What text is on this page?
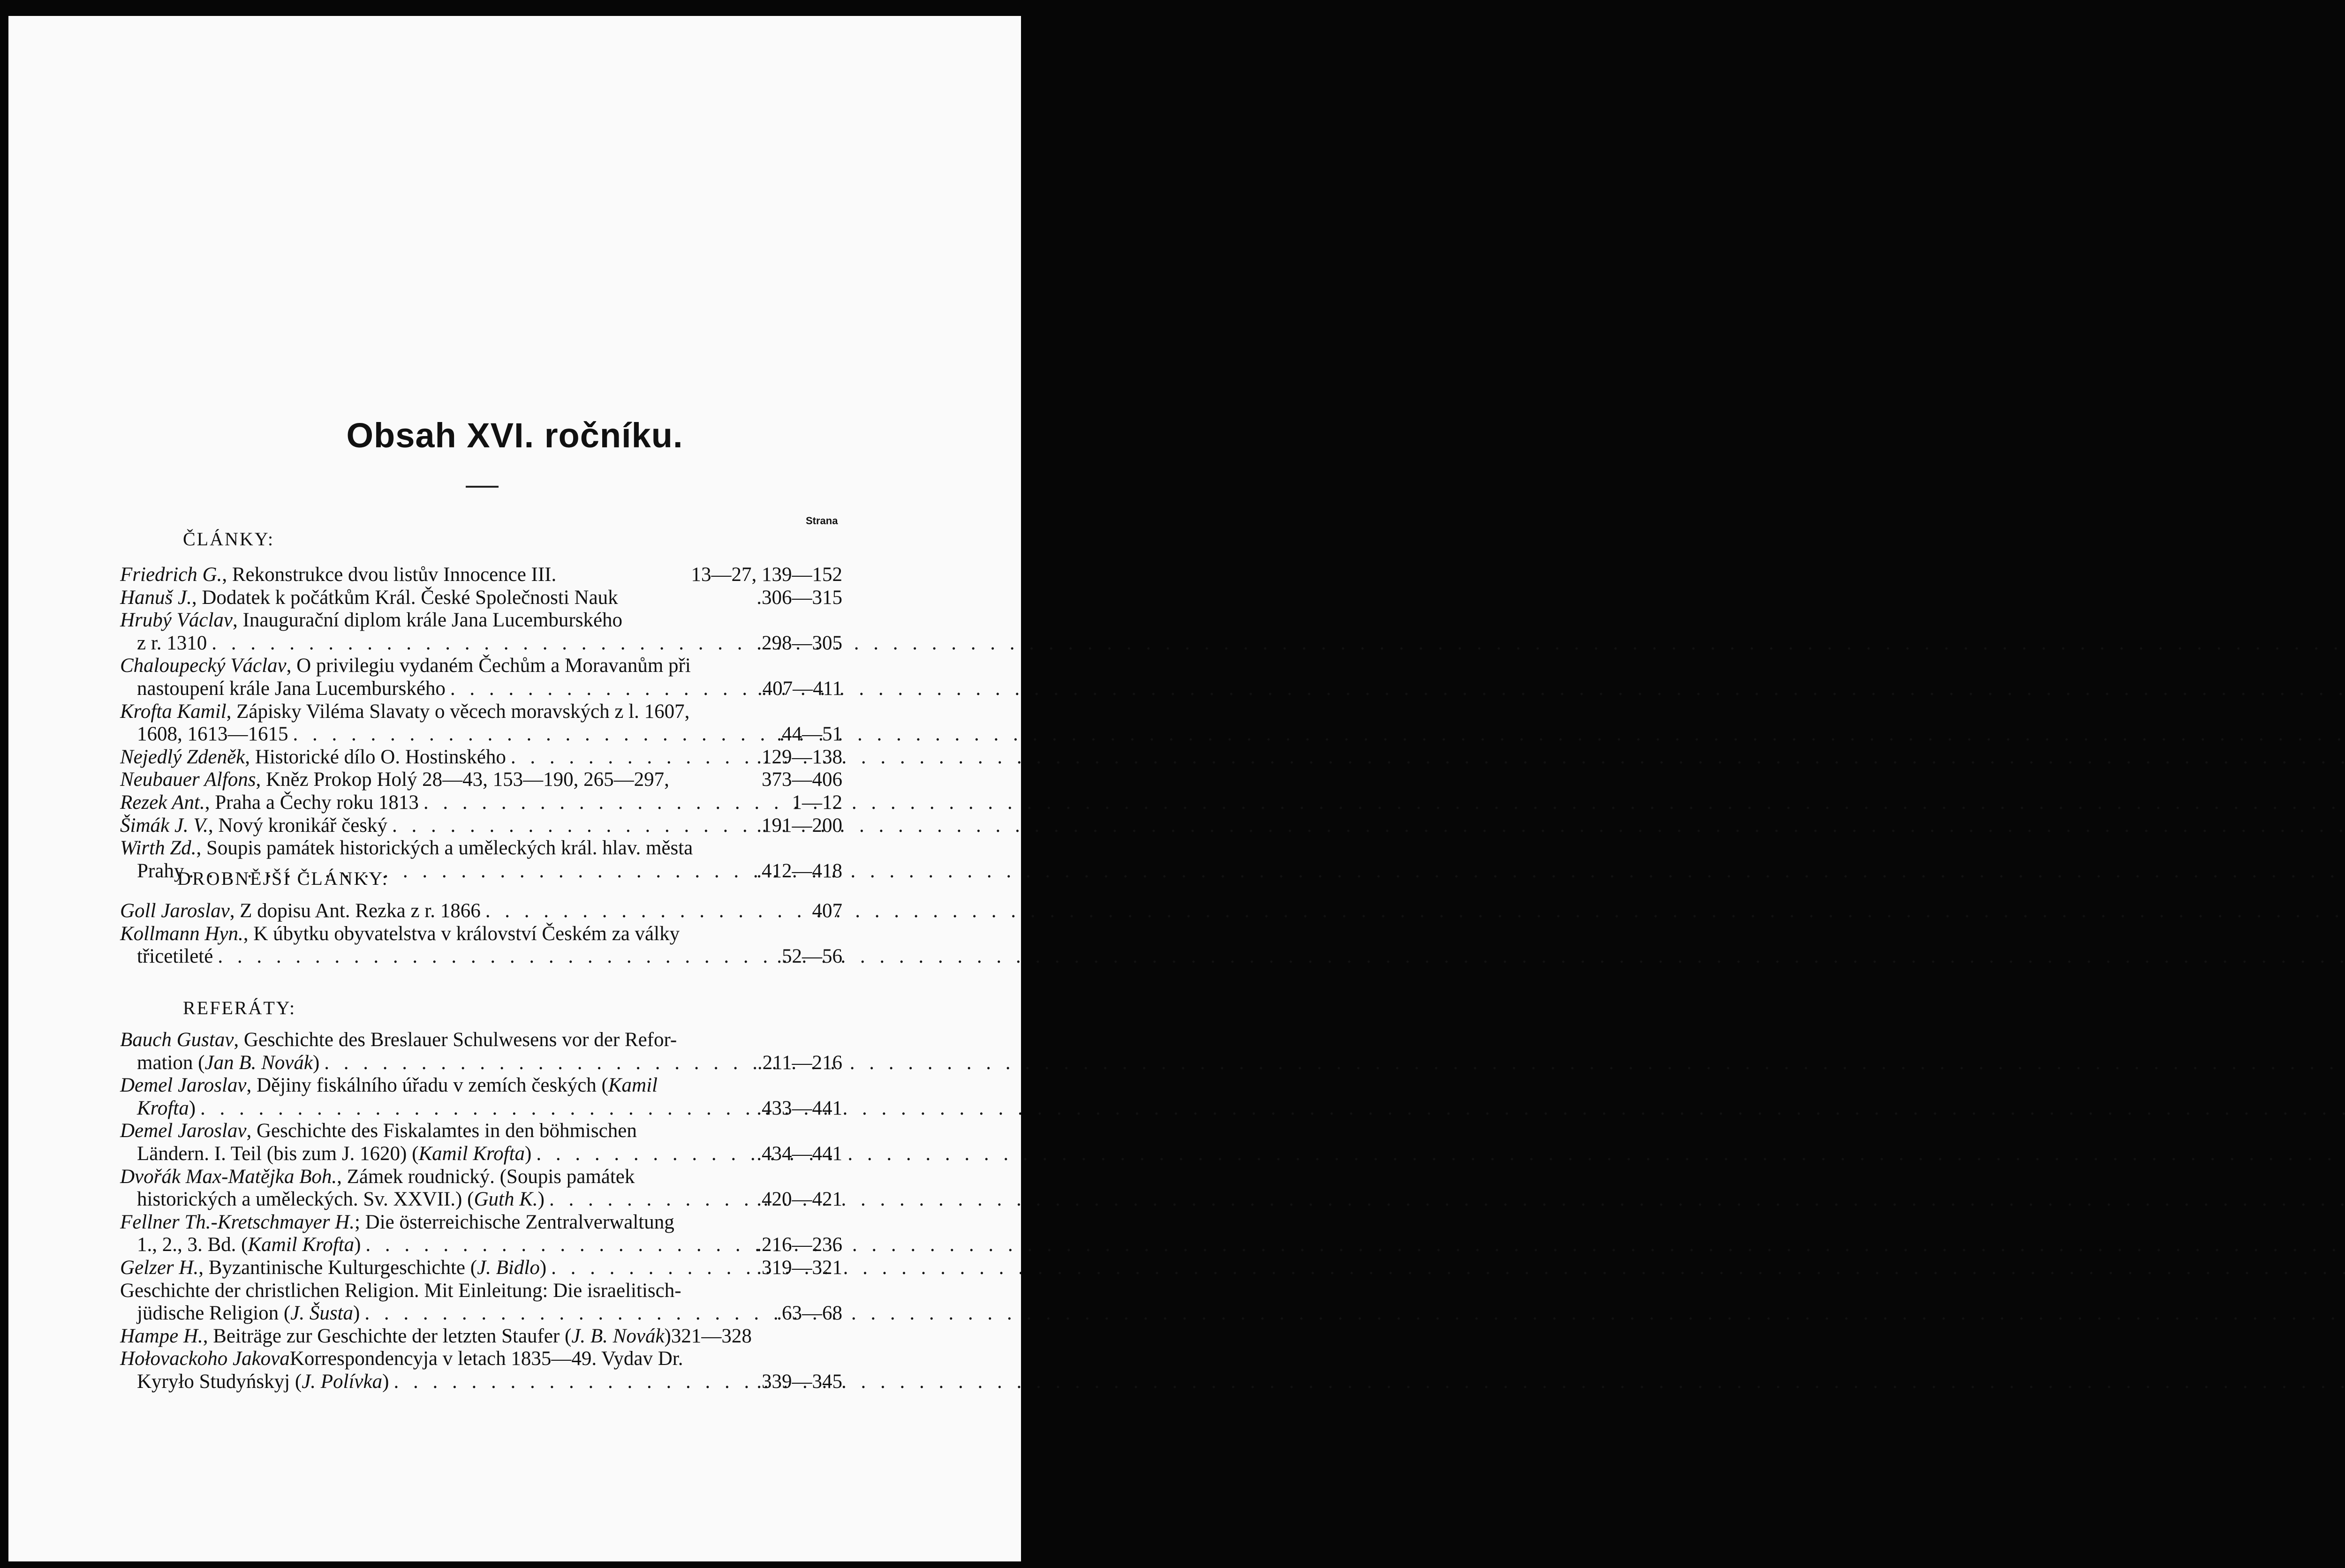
Obsah XVI. ročníku.
Strana
ČLÁNKY:
Friedrich G. , Rekonstrukce dvou listův Innocence III.	13—27, 139—152
Hanuš J. , Dodatek k počátkům Král. České Společnosti Nauk	.306—315
Hrubý Václav , Inaugurační diplom krále Jana Lucemburského
z r. 1310 . . .	.298—305
Chaloupecký Václav , O privilegiu vydaném Čechům a Moravanům při
nastoupení krále Jana Lucemburského . . .	.407—411
Krofta Kamil , Zápisky Viléma Slavaty o věcech moravských z l. 1607,
1608, 1613—1615 . . .	.44—51
Nejedlý Zdeněk , Historické dílo O. Hostinského . . .	.129—138
Neubauer Alfons , Kněz Prokop Holý 28—43, 153—190, 265—297,	373—406
Rezek Ant. , Praha a Čechy roku 1813 . . .	1—12
Šimák J. V. , Nový kronikář český . . .	.191—200
Wirth Zd. , Soupis památek historických a uměleckých král. hlav. města
Prahy . . .	.412—418
DROBNĚJŠÍ ČLÁNKY:
Goll Jaroslav , Z dopisu Ant. Rezka z r. 1866 . . .	407
Kollmann Hyn. , K úbytku obyvatelstva v království Českém za války
třicetileté . . .	.52—56
REFERÁTY:
Bauch Gustav , Geschichte des Breslauer Schulwesens vor der Refor-
mation ( Jan B. Novák ) . . .	.211—216
Demel Jaroslav , Dějiny fiskálního úřadu v zemích českých ( Kamil
Krofta ) . . .	.433—441
Demel Jaroslav , Geschichte des Fiskalamtes in den böhmischen
Ländern. I. Teil (bis zum J. 1620) ( Kamil Krofta ) . . .	.434—441
Dvořák Max-Matějka Boh. , Zámek roudnický. (Soupis památek
historických a uměleckých. Sv. XXVII.) ( Guth K. ) . . .	.420—421
Fellner Th.-Kretschmayer H. ; Die österreichische Zentralverwaltung
1., 2., 3. Bd. ( Kamil Krofta ) . . .	.216—236
Gelzer H. , Byzantinische Kulturgeschichte ( J. Bidlo ) . . .	.319—321
Geschichte der christlichen Religion. Mit Einleitung: Die israelitisch-
jüdische Religion ( J. Šusta ) . . .	.63—68
Hampe H. , Beiträge zur Geschichte der letzten Staufer ( J. B. Novák ) 321—328
Hołovackoho Jakova Korrespondencyja v letach 1835—49. Vydav Dr.
Kyryło Studyńskyj ( J. Polívka ) . . .	.339—345
